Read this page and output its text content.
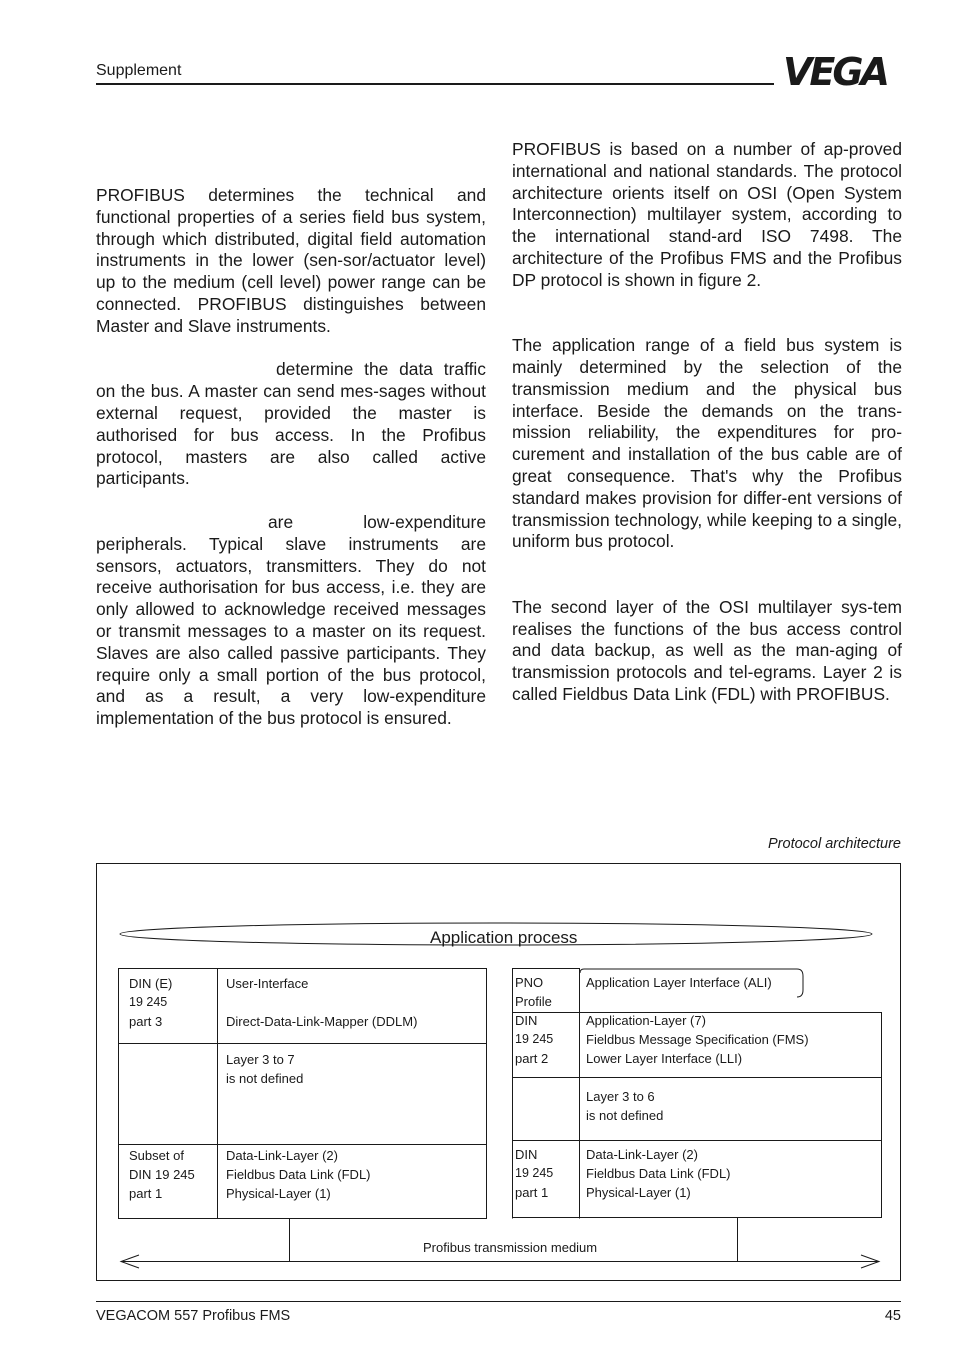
Supplement	VEGA

PROFIBUS determines the technical and functional properties of a series field bus system, through which distributed, digital field automation instruments in the lower (sen-sor/actuator level) up to the medium (cell level) power range can be connected. PROFIBUS distinguishes between Master and Slave instruments.

determine the data traffic on the bus. A master can send mes-sages without external request, provided the master is authorised for bus access. In the Profibus protocol, masters are also called active participants.

are low-expenditure peripherals. Typical slave instruments are sensors, actuators, transmitters. They do not receive authorisation for bus access, i.e. they are only allowed to acknowledge received messages or transmit messages to a master on its request. Slaves are also called passive participants. They require only a small portion of the bus protocol, and as a result, a very low-expenditure implementation of the bus protocol is ensured.

PROFIBUS is based on a number of ap-proved international and national standards. The protocol architecture orients itself on OSI (Open System Interconnection) multilayer system, according to the international stand-ard ISO 7498. The architecture of the Profibus FMS and the Profibus DP protocol is shown in figure 2.

The application range of a field bus system is mainly determined by the selection of the transmission medium and the physical bus interface. Beside the demands on the trans-mission reliability, the expenditures for pro-curement and installation of the bus cable are of great consequence. That's why the Profibus standard makes provision for differ-ent versions of transmission technology, while keeping to a single, uniform bus protocol.

The second layer of the OSI multilayer sys-tem realises the functions of the bus access control and data backup, as well as the man-aging of transmission protocols and tel-egrams. Layer 2 is called Fieldbus Data Link (FDL) with PROFIBUS.

Protocol architecture
Application process
DIN (E)
19 245
part 3
User-Interface
Direct-Data-Link-Mapper (DDLM)
Layer 3 to 7
is not defined
Subset of
DIN 19 245
part 1
Data-Link-Layer (2)
Fieldbus Data Link (FDL)
Physical-Layer (1)
PNO
Profile
Application Layer Interface (ALI)
DIN
19 245
part 2
Application-Layer (7)
Fieldbus Message Specification (FMS)
Lower Layer Interface (LLI)
Layer 3 to 6
is not defined
DIN
19 245
part 1
Data-Link-Layer (2)
Fieldbus Data Link (FDL)
Physical-Layer (1)
Profibus transmission medium
VEGACOM 557 Profibus FMS	45
